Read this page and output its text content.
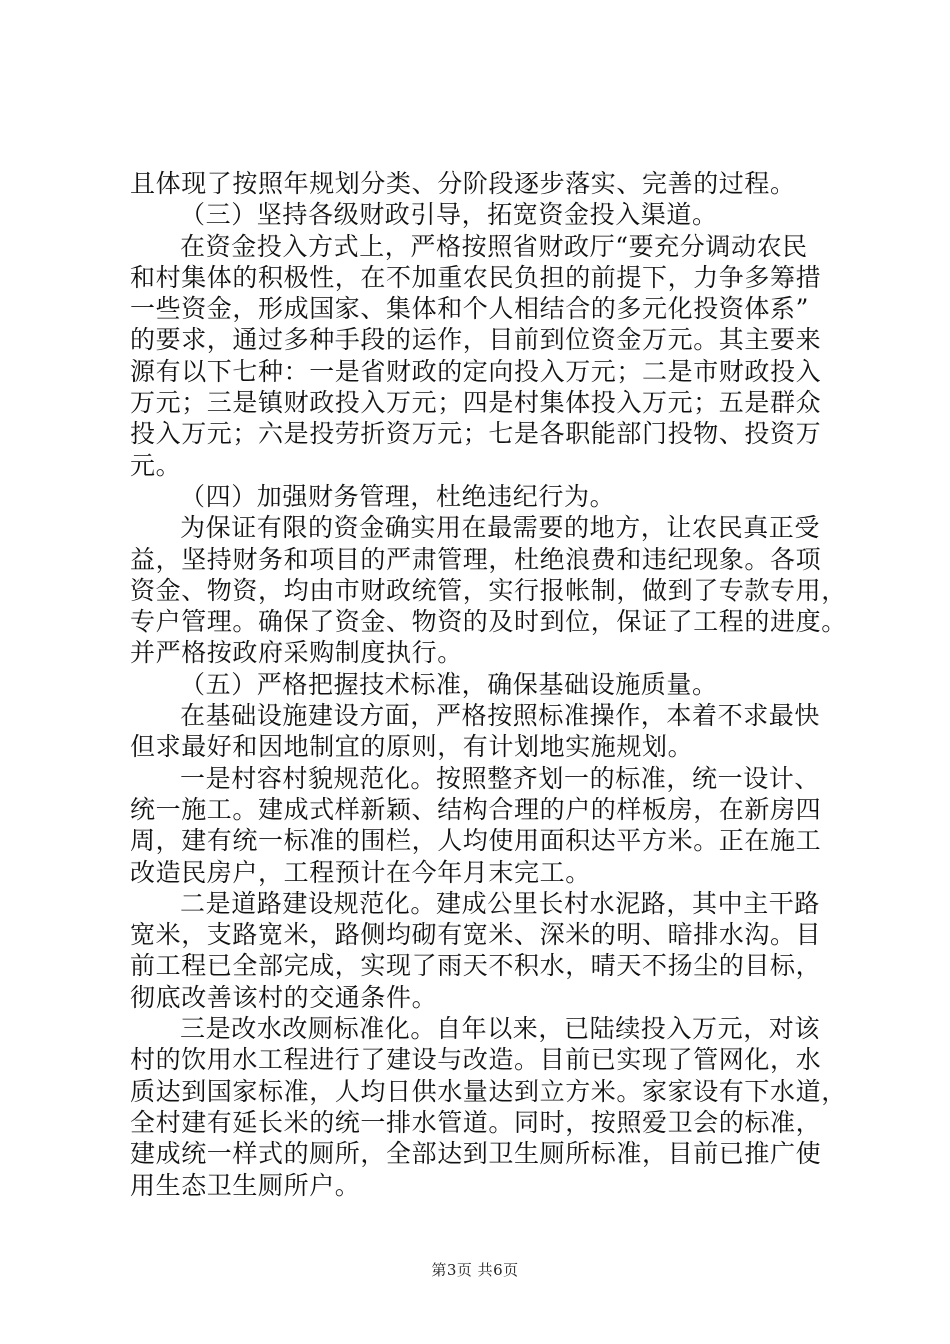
且体现了按照年规划分类、分阶段逐步落实、完善的过程。
（三）坚持各级财政引导，拓宽资金投入渠道。
在资金投入方式上，严格按照省财政厅“要充分调动农民
和村集体的积极性，在不加重农民负担的前提下，力争多筹措
一些资金，形成国家、集体和个人相结合的多元化投资体系”
的要求，通过多种手段的运作，目前到位资金万元。其主要来
源有以下七种：一是省财政的定向投入万元；二是市财政投入
万元；三是镇财政投入万元；四是村集体投入万元；五是群众
投入万元；六是投劳折资万元；七是各职能部门投物、投资万
元。
（四）加强财务管理，杜绝违纪行为。
为保证有限的资金确实用在最需要的地方，让农民真正受
益，坚持财务和项目的严肃管理，杜绝浪费和违纪现象。各项
资金、物资，均由市财政统管，实行报帐制，做到了专款专用，
专户管理。确保了资金、物资的及时到位，保证了工程的进度。
并严格按政府采购制度执行。
（五）严格把握技术标准，确保基础设施质量。
在基础设施建设方面，严格按照标准操作，本着不求最快
但求最好和因地制宜的原则，有计划地实施规划。
一是村容村貌规范化。按照整齐划一的标准，统一设计、
统一施工。建成式样新颖、结构合理的户的样板房，在新房四
周，建有统一标准的围栏，人均使用面积达平方米。正在施工
改造民房户，工程预计在今年月末完工。
二是道路建设规范化。建成公里长村水泥路，其中主干路
宽米，支路宽米，路侧均砌有宽米、深米的明、暗排水沟。目
前工程已全部完成，实现了雨天不积水，晴天不扬尘的目标，
彻底改善该村的交通条件。
三是改水改厕标准化。自年以来，已陆续投入万元，对该
村的饮用水工程进行了建设与改造。目前已实现了管网化，水
质达到国家标准，人均日供水量达到立方米。家家设有下水道，
全村建有延长米的统一排水管道。同时，按照爱卫会的标准，
建成统一样式的厕所，全部达到卫生厕所标准，目前已推广使
用生态卫生厕所户。
第3页 共6页
